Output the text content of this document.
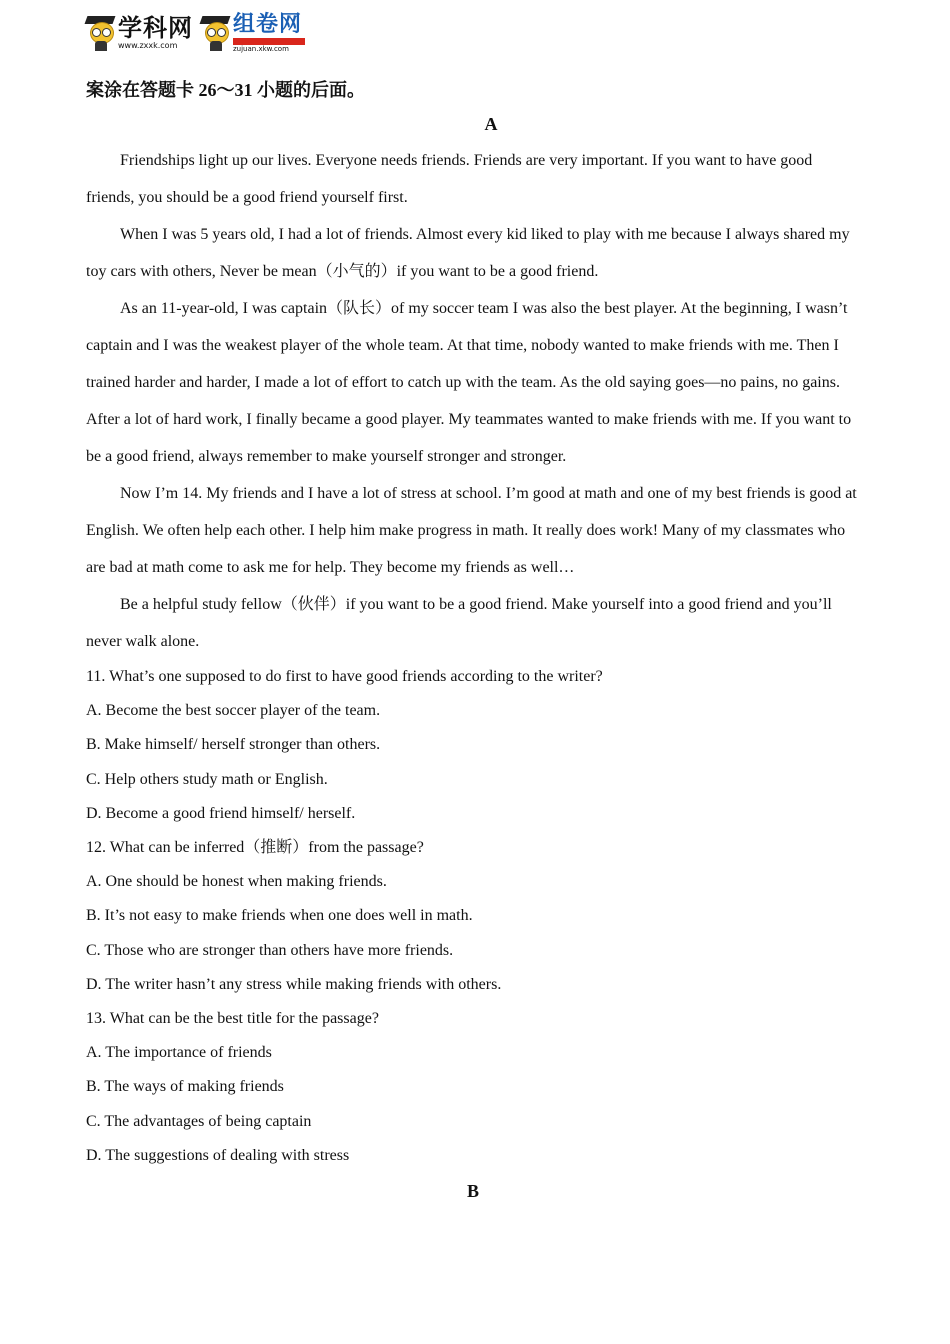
学科网
www.zxxk.com
组卷网
zujuan.xkw.com

案涂在答题卡 26～31 小题的后面。

A

Friendships light up our lives. Everyone needs friends. Friends are very important. If you want to have good friends, you should be a good friend yourself first.

When I was 5 years old, I had a lot of friends. Almost every kid liked to play with me because I always shared my toy cars with others, Never be mean（小气的）if you want to be a good friend.

As an 11-year-old, I was captain（队长）of my soccer team I was also the best player. At the beginning, I wasn’t captain and I was the weakest player of the whole team. At that time, nobody wanted to make friends with me. Then I trained harder and harder, I made a lot of effort to catch up with the team. As the old saying goes—no pains, no gains. After a lot of hard work, I finally became a good player. My teammates wanted to make friends with me. If you want to be a good friend, always remember to make yourself stronger and stronger.

Now I’m 14. My friends and I have a lot of stress at school. I’m good at math and one of my best friends is good at English. We often help each other. I help him make progress in math. It really does work! Many of my classmates who are bad at math come to ask me for help. They become my friends as well…

Be a helpful study fellow（伙伴）if you want to be a good friend. Make yourself into a good friend and you’ll never walk alone.

11. What’s one supposed to do first to have good friends according to the writer?

A. Become the best soccer player of the team.

B. Make himself/ herself stronger than others.

C. Help others study math or English.

D. Become a good friend himself/ herself.

12. What can be inferred（推断）from the passage?

A. One should be honest when making friends.

B. It’s not easy to make friends when one does well in math.

C. Those who are stronger than others have more friends.

D. The writer hasn’t any stress while making friends with others.

13. What can be the best title for the passage?

A. The importance of friends

B. The ways of making friends

C. The advantages of being captain

D. The suggestions of dealing with stress

B
